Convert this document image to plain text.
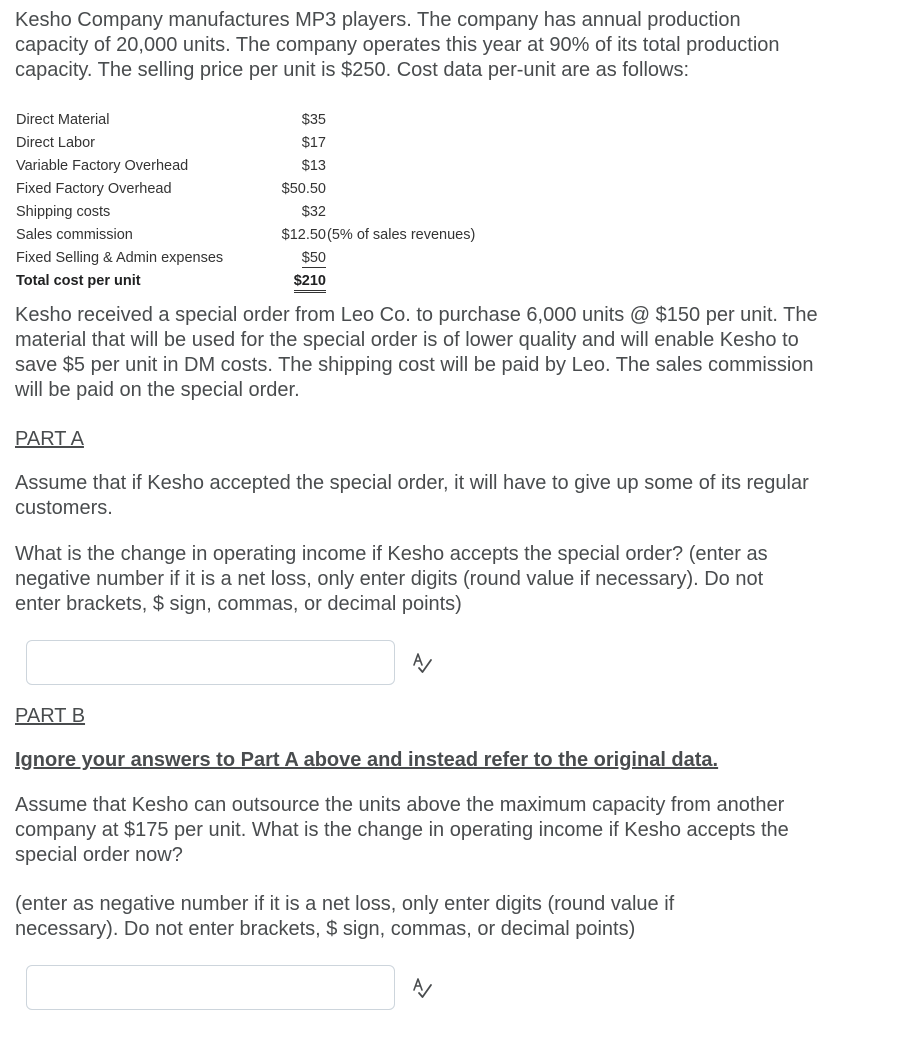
Kesho Company manufactures MP3 players. The company has annual production capacity of 20,000 units. The company operates this year at 90% of its total production capacity. The selling price per unit is $250. Cost data per-unit are as follows:

Direct Material	$35	
Direct Labor	$17	
Variable Factory Overhead	$13	
Fixed Factory Overhead	$50.50	
Shipping costs	$32	
Sales commission	$12.50	(5% of sales revenues)
Fixed Selling & Admin expenses	$50	
Total cost per unit	$210	

Kesho received a special order from Leo Co. to purchase 6,000 units @ $150 per unit. The material that will be used for the special order is of lower quality and will enable Kesho to save $5 per unit in DM costs. The shipping cost will be paid by Leo. The sales commission will be paid on the special order.

PART A

Assume that if Kesho accepted the special order, it will have to give up some of its regular customers.

What is the change in operating income if Kesho accepts the special order? (enter as negative number if it is a net loss, only enter digits (round value if necessary). Do not enter brackets, $ sign, commas, or decimal points)

PART B

Ignore your answers to Part A above and instead refer to the original data.

Assume that Kesho can outsource the units above the maximum capacity from another company at $175 per unit. What is the change in operating income if Kesho accepts the special order now?

(enter as negative number if it is a net loss, only enter digits (round value if necessary). Do not enter brackets, $ sign, commas, or decimal points)
